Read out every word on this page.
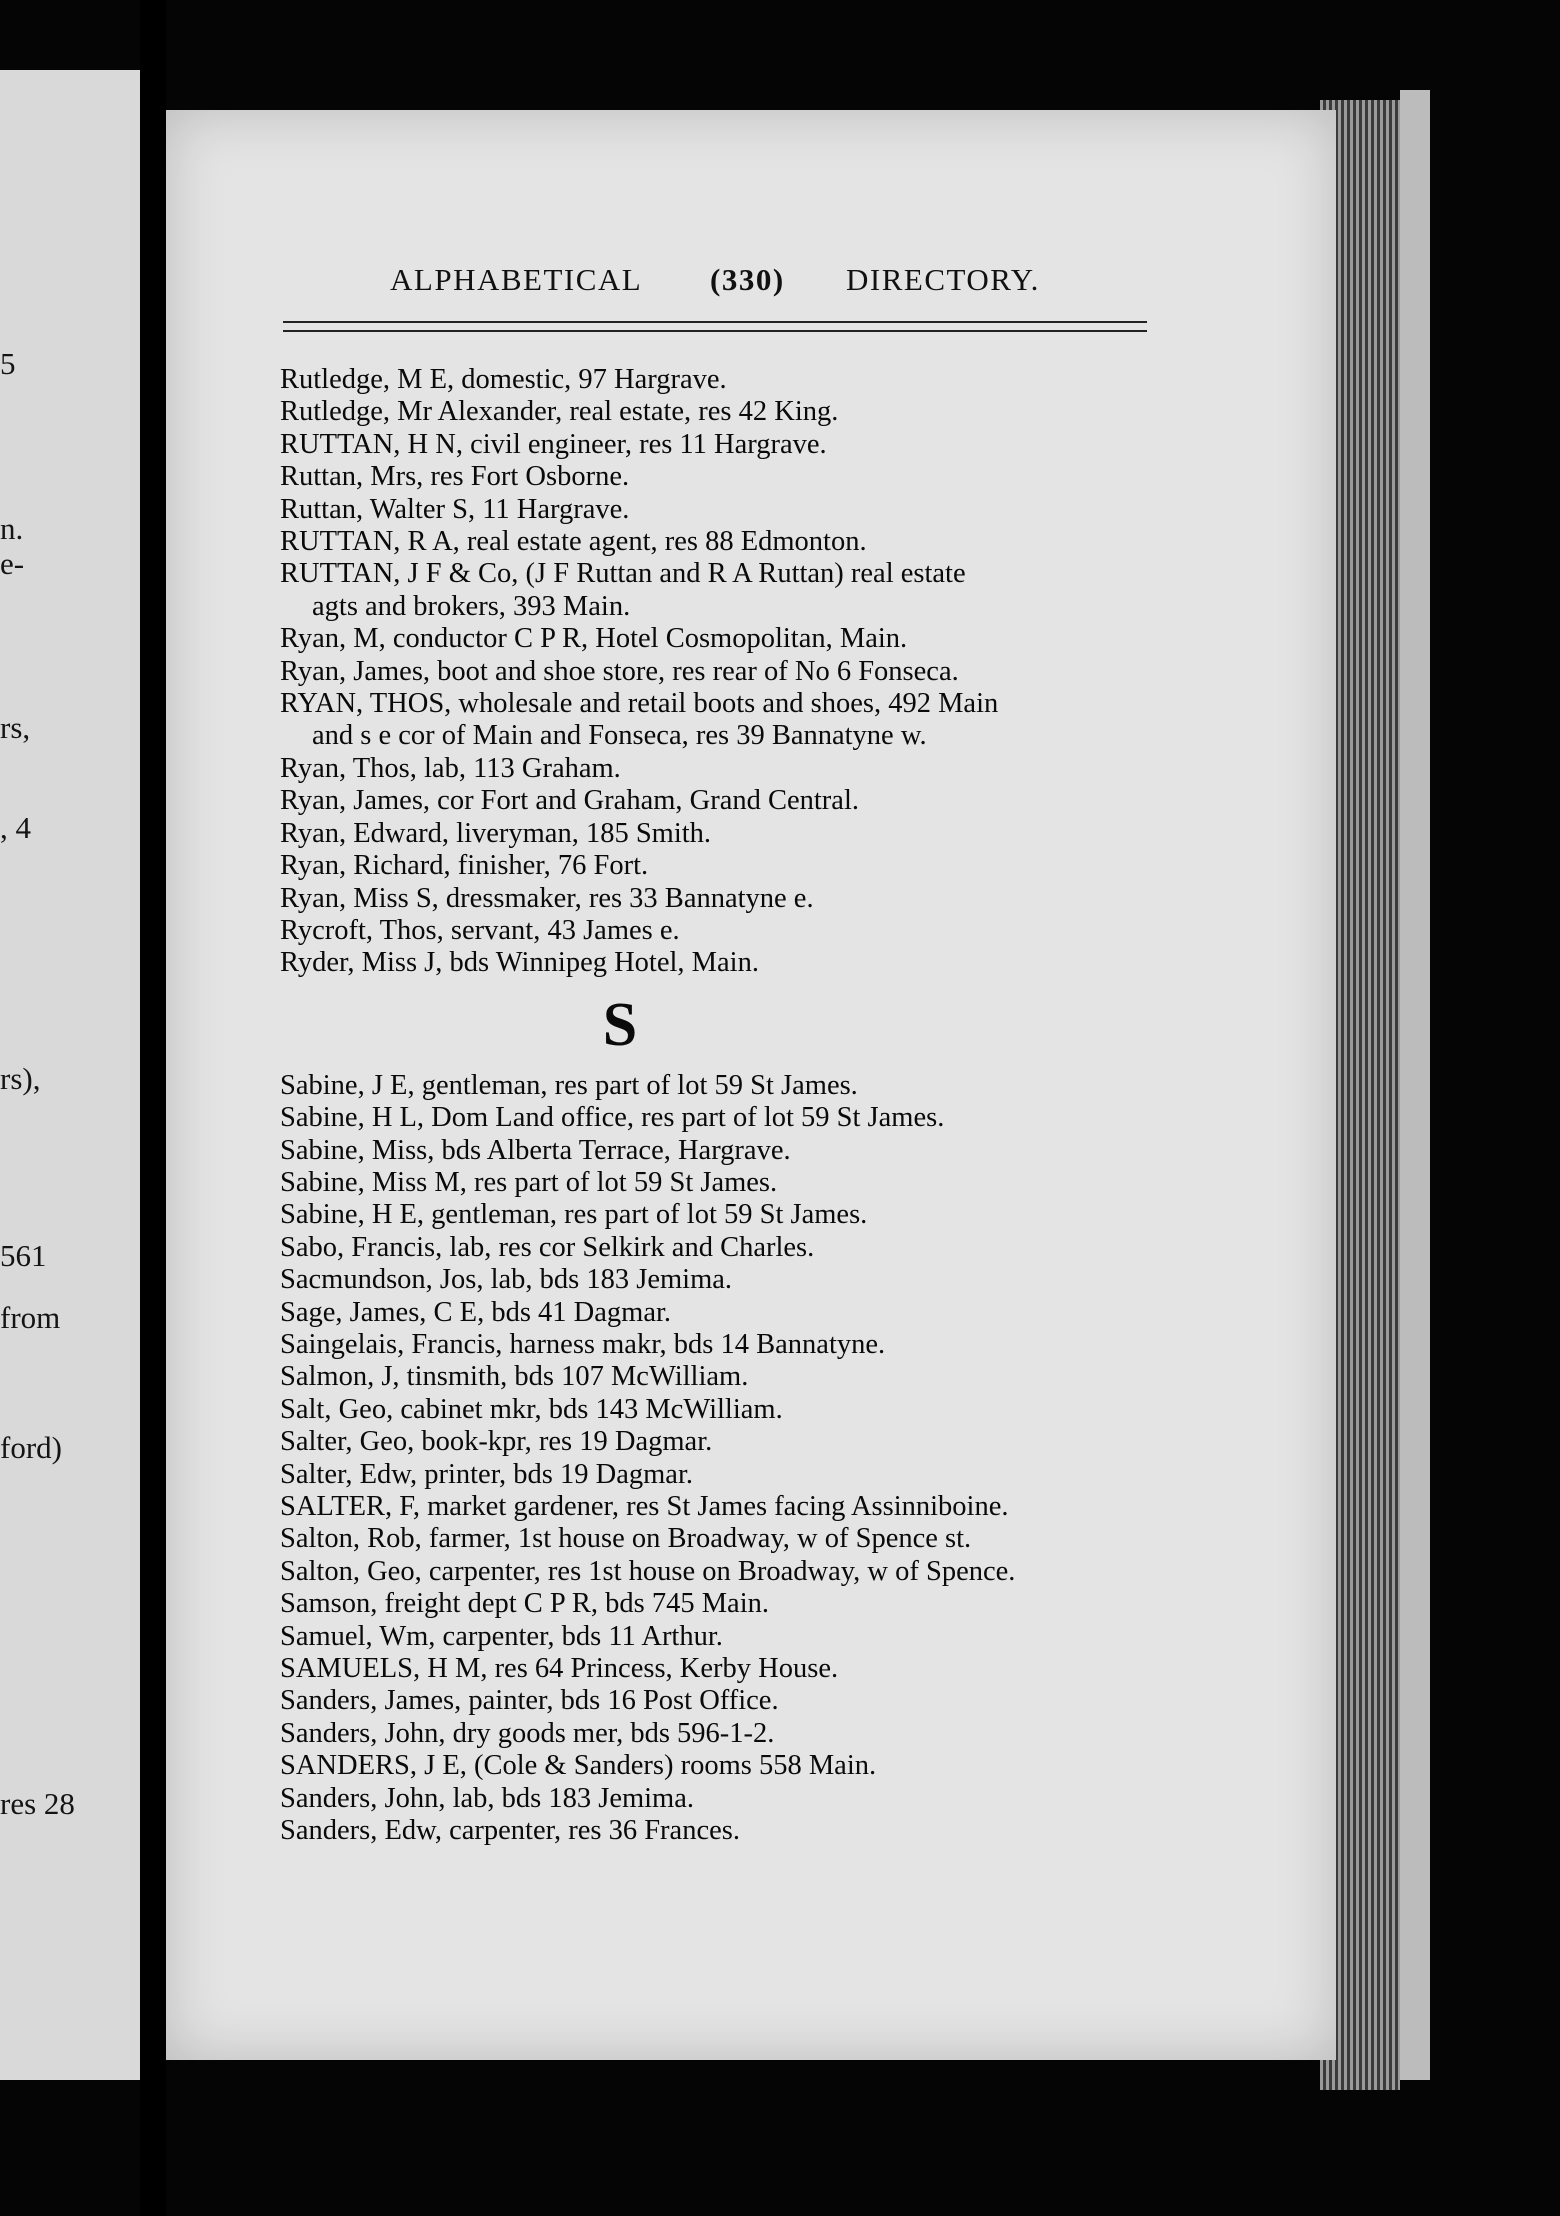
5
n.
e-
rs,
, 4
rs),
561
from
ford)
res 28
ALPHABETICAL (330) DIRECTORY.
Rutledge, M E, domestic, 97 Hargrave.
Rutledge, Mr Alexander, real estate, res 42 King.
RUTTAN, H N, civil engineer, res 11 Hargrave.
Ruttan, Mrs, res Fort Osborne.
Ruttan, Walter S, 11 Hargrave.
RUTTAN, R A, real estate agent, res 88 Edmonton.
RUTTAN, J F & Co, (J F Ruttan and R A Ruttan) real estate
agts and brokers, 393 Main.
Ryan, M, conductor C P R, Hotel Cosmopolitan, Main.
Ryan, James, boot and shoe store, res rear of No 6 Fonseca.
RYAN, THOS, wholesale and retail boots and shoes, 492 Main
and s e cor of Main and Fonseca, res 39 Bannatyne w.
Ryan, Thos, lab, 113 Graham.
Ryan, James, cor Fort and Graham, Grand Central.
Ryan, Edward, liveryman, 185 Smith.
Ryan, Richard, finisher, 76 Fort.
Ryan, Miss S, dressmaker, res 33 Bannatyne e.
Rycroft, Thos, servant, 43 James e.
Ryder, Miss J, bds Winnipeg Hotel, Main.
S
Sabine, J E, gentleman, res part of lot 59 St James.
Sabine, H L, Dom Land office, res part of lot 59 St James.
Sabine, Miss, bds Alberta Terrace, Hargrave.
Sabine, Miss M, res part of lot 59 St James.
Sabine, H E, gentleman, res part of lot 59 St James.
Sabo, Francis, lab, res cor Selkirk and Charles.
Sacmundson, Jos, lab, bds 183 Jemima.
Sage, James, C E, bds 41 Dagmar.
Saingelais, Francis, harness makr, bds 14 Bannatyne.
Salmon, J, tinsmith, bds 107 McWilliam.
Salt, Geo, cabinet mkr, bds 143 McWilliam.
Salter, Geo, book-kpr, res 19 Dagmar.
Salter, Edw, printer, bds 19 Dagmar.
SALTER, F, market gardener, res St James facing Assinniboine.
Salton, Rob, farmer, 1st house on Broadway, w of Spence st.
Salton, Geo, carpenter, res 1st house on Broadway, w of Spence.
Samson, freight dept C P R, bds 745 Main.
Samuel, Wm, carpenter, bds 11 Arthur.
SAMUELS, H M, res 64 Princess, Kerby House.
Sanders, James, painter, bds 16 Post Office.
Sanders, John, dry goods mer, bds 596-1-2.
SANDERS, J E, (Cole & Sanders) rooms 558 Main.
Sanders, John, lab, bds 183 Jemima.
Sanders, Edw, carpenter, res 36 Frances.
